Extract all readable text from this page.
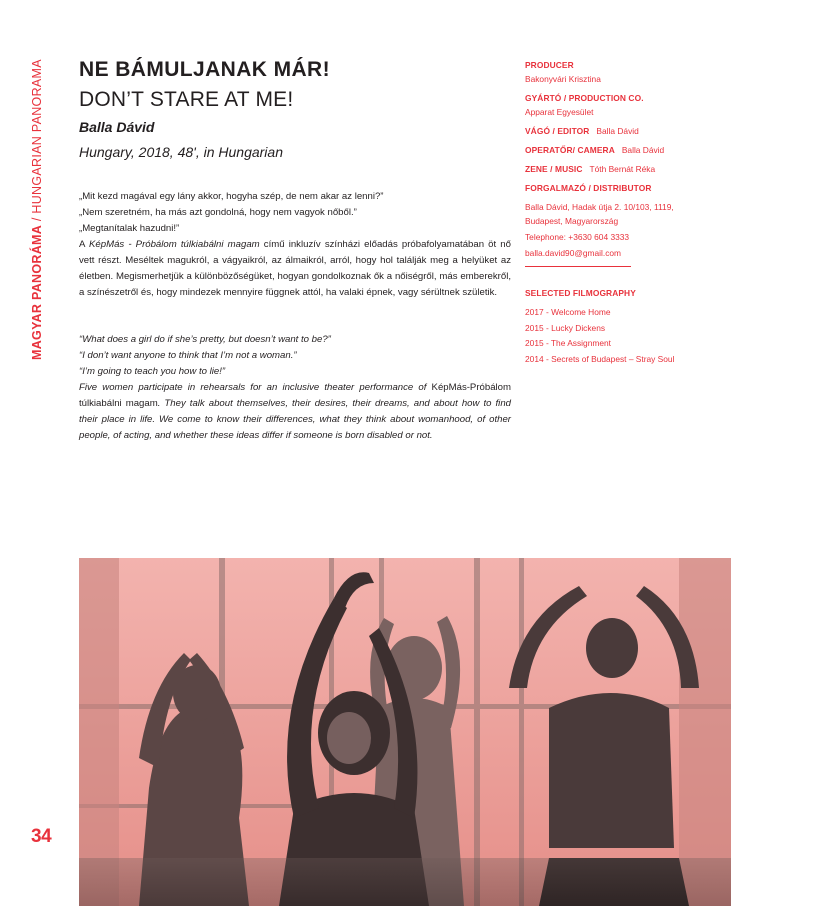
MAGYAR PANORÁMA / HUNGARIAN PANORAMA
34
NE BÁMULJANAK MÁR!
DON’T STARE AT ME!
Balla Dávid
Hungary, 2018, 48', in Hungarian

„Mit kezd magával egy lány akkor, hogyha szép, de nem akar az lenni?”

„Nem szeretném, ha más azt gondolná, hogy nem vagyok nőből.”

„Megtanítalak hazudni!”

A KépMás - Próbálom túlkiabálni magam című inkluzív színházi előadás próbafolyamatában öt nő vett részt. Meséltek magukról, a vágyaikról, az álmaikról, arról, hogy hol találják meg a helyüket az életben. Megismerhetjük a különbözőségüket, hogyan gondolkoznak ők a nőiségről, más emberekről, a színészetről és, hogy mindezek mennyire függnek attól, ha valaki épnek, vagy sérültnek születik.

“What does a girl do if she’s pretty, but doesn’t want to be?”

“I don’t want anyone to think that I’m not a woman.”

“I’m going to teach you how to lie!”

Five women participate in rehearsals for an inclusive theater performance of KépMás-Próbálom túlkiabálni magam. They talk about themselves, their desires, their dreams, and about how to find their place in life. We come to know their differences, what they think about womanhood, of other people, of acting, and whether these ideas differ if someone is born disabled or not.

PRODUCER
Bakonyvári Krisztina
GYÁRTÓ / PRODUCTION CO.
Apparat Egyesület
VÁGÓ / EDITOR Balla Dávid
OPERATŐR/ CAMERA Balla Dávid
ZENE / MUSIC Tóth Bernát Réka
FORGALMAZÓ / DISTRIBUTOR
Balla Dávid, Hadak útja 2. 10/103, 1119,
Budapest, Magyarország
Telephone: +3630 604 3333
balla.david90@gmail.com
SELECTED FILMOGRAPHY
2017 - Welcome Home
2015 - Lucky Dickens
2015 - The Assignment
2014 - Secrets of Budapest – Stray Soul
